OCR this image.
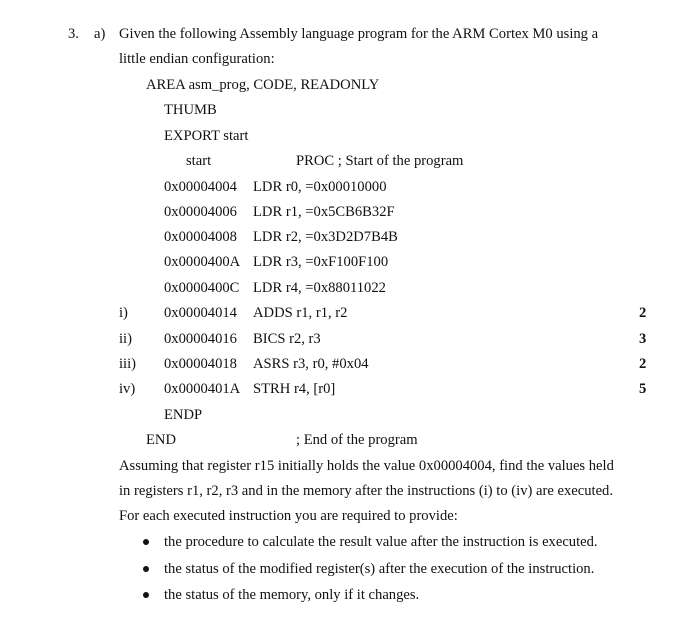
3. a) Given the following Assembly language program for the ARM Cortex M0 using a
little endian configuration:
AREA asm_prog, CODE, READONLY
THUMB
EXPORT start
start	PROC ; Start of the program
0x00004004 LDR r0, =0x00010000
0x00004006 LDR r1, =0x5CB6B32F
0x00004008 LDR r2, =0x3D2D7B4B
0x0000400A LDR r3, =0xF100F100
0x0000400C LDR r4, =0x88011022
i) 0x00004014 ADDS r1, r1, r2	2
ii) 0x00004016 BICS r2, r3	3
iii) 0x00004018 ASRS r3, r0, #0x04	2
iv) 0x0000401A STRH r4, [r0]	5
ENDP
END	; End of the program
Assuming that register r15 initially holds the value 0x00004004, find the values held
in registers r1, r2, r3 and in the memory after the instructions (i) to (iv) are executed.
For each executed instruction you are required to provide:
the procedure to calculate the result value after the instruction is executed.
the status of the modified register(s) after the execution of the instruction.
the status of the memory, only if it changes.
